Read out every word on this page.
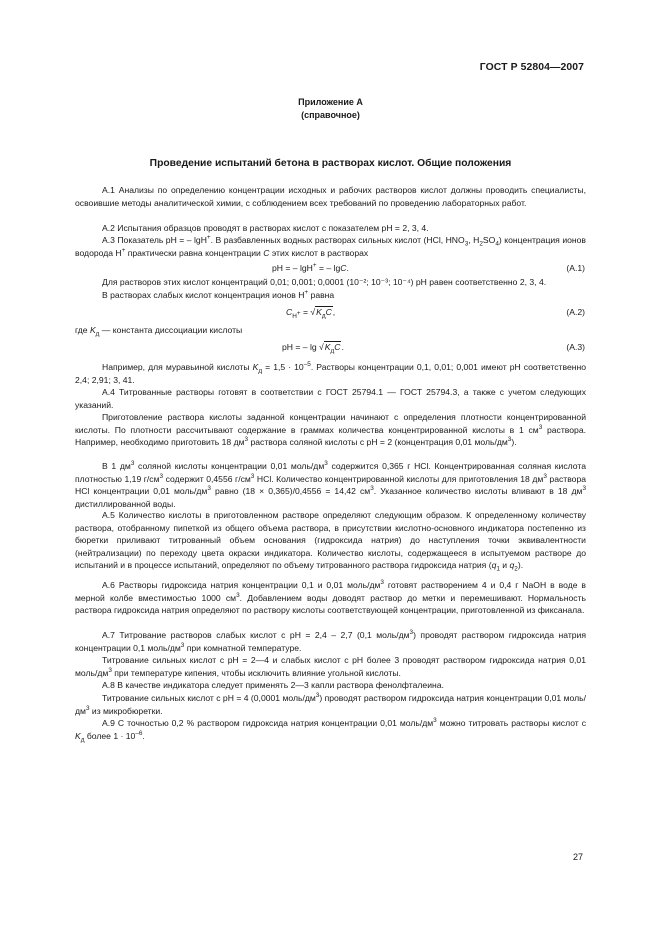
ГОСТ Р 52804—2007
Приложение А
(справочное)
Проведение испытаний бетона в растворах кислот. Общие положения
А.1 Анализы по определению концентрации исходных и рабочих растворов кислот должны проводить специалисты, освоившие методы аналитической химии, с соблюдением всех требований по проведению лабораторных работ.
А.2 Испытания образцов проводят в растворах кислот с показателем pH = 2, 3, 4.
А.3 Показатель pH = – lgH+. В разбавленных водных растворах сильных кислот (HCl, $HNO_3$, $H_2SO_4$) концентрация ионов водорода H+ практически равна концентрации C этих кислот в растворах
pH = – lgH+ = – lgC.	(А.1)
Для растворов этих кислот концентраций 0,01; 0,001; 0,0001 (10⁻²; 10⁻³; 10⁻⁴) pH равен соответственно 2, 3, 4.
В растворах слабых кислот концентрация ионов H+ равна
$C_{H^+} = √K_дC$,	(А.2)
где $K_д$ — константа диссоциации кислоты
pH = – $\lg √K_дC$.	(А.3)
Например, для муравьиной кислоты $K_д = 1,5 \cdot 10^{-5}$. Растворы концентрации 0,1, 0,01; 0,001 имеют pH соответственно 2,4; 2,91; 3, 41.
А.4 Титрованные растворы готовят в соответствии с ГОСТ 25794.1 — ГОСТ 25794.3, а также с учетом следующих указаний.
Приготовление раствора кислоты заданной концентрации начинают с определения плотности концентрированной кислоты. По плотности рассчитывают содержание в граммах количества концентрированной кислоты в 1 $см^3$ раствора. Например, необходимо приготовить 18 $дм^3$ раствора соляной кислоты с pH = 2 (концентрация 0,01 моль/$дм^3$).
В 1 $дм^3$ соляной кислоты концентрации 0,01 моль/$дм^3$ содержится 0,365 г HCl. Концентрированная соляная кислота плотностью 1,19 $г/см^3$ содержит 0,4556 $г/см^3$ HCl. Количество концентрированной кислоты для приготовления 18 $дм^3$ раствора HCl концентрации 0,01 моль/$дм^3$ равно (18 × 0,365)/0,4556 = 14,42 $см^3$. Указанное количество кислоты вливают в 18 $дм^3$ дистиллированной воды.
А.5 Количество кислоты в приготовленном растворе определяют следующим образом. К определенному количеству раствора, отобранному пипеткой из общего объема раствора, в присутствии кислотно-основного индикатора постепенно из бюретки приливают титрованный объем основания (гидроксида натрия) до наступления точки эквивалентности (нейтрализации) по переходу цвета окраски индикатора. Количество кислоты, содержащееся в испытуемом растворе до испытаний и в процессе испытаний, определяют по объему титрованного раствора гидроксида натрия ($q_1$ и $q_2$).
А.6 Растворы гидроксида натрия концентрации 0,1 и 0,01 моль/$дм^3$ готовят растворением 4 и 0,4 г NaOH в воде в мерной колбе вместимостью 1000 $см^3$. Добавлением воды доводят раствор до метки и перемешивают. Нормальность раствора гидроксида натрия определяют по раствору кислоты соответствующей концентрации, приготовленной из фиксанала.
А.7 Титрование растворов слабых кислот с pH = 2,4 – 2,7 (0,1 моль/$дм^3$) проводят раствором гидроксида натрия концентрации 0,1 моль/$дм^3$ при комнатной температуре.
Титрование сильных кислот с pH = 2—4 и слабых кислот с pH более 3 проводят раствором гидроксида натрия 0,01 моль/$дм^3$ при температуре кипения, чтобы исключить влияние угольной кислоты.
А.8 В качестве индикатора следует применять 2—3 капли раствора фенолфталеина.
Титрование сильных кислот с pH = 4 (0,0001 моль/$дм^3$) проводят раствором гидроксида натрия концентрации 0,01 моль/$дм^3$ из микробюретки.
А.9 С точностью 0,2 % раствором гидроксида натрия концентрации 0,01 моль/$дм^3$ можно титровать растворы кислот с $K_д$ более $1 \cdot 10^{-6}$.
27
